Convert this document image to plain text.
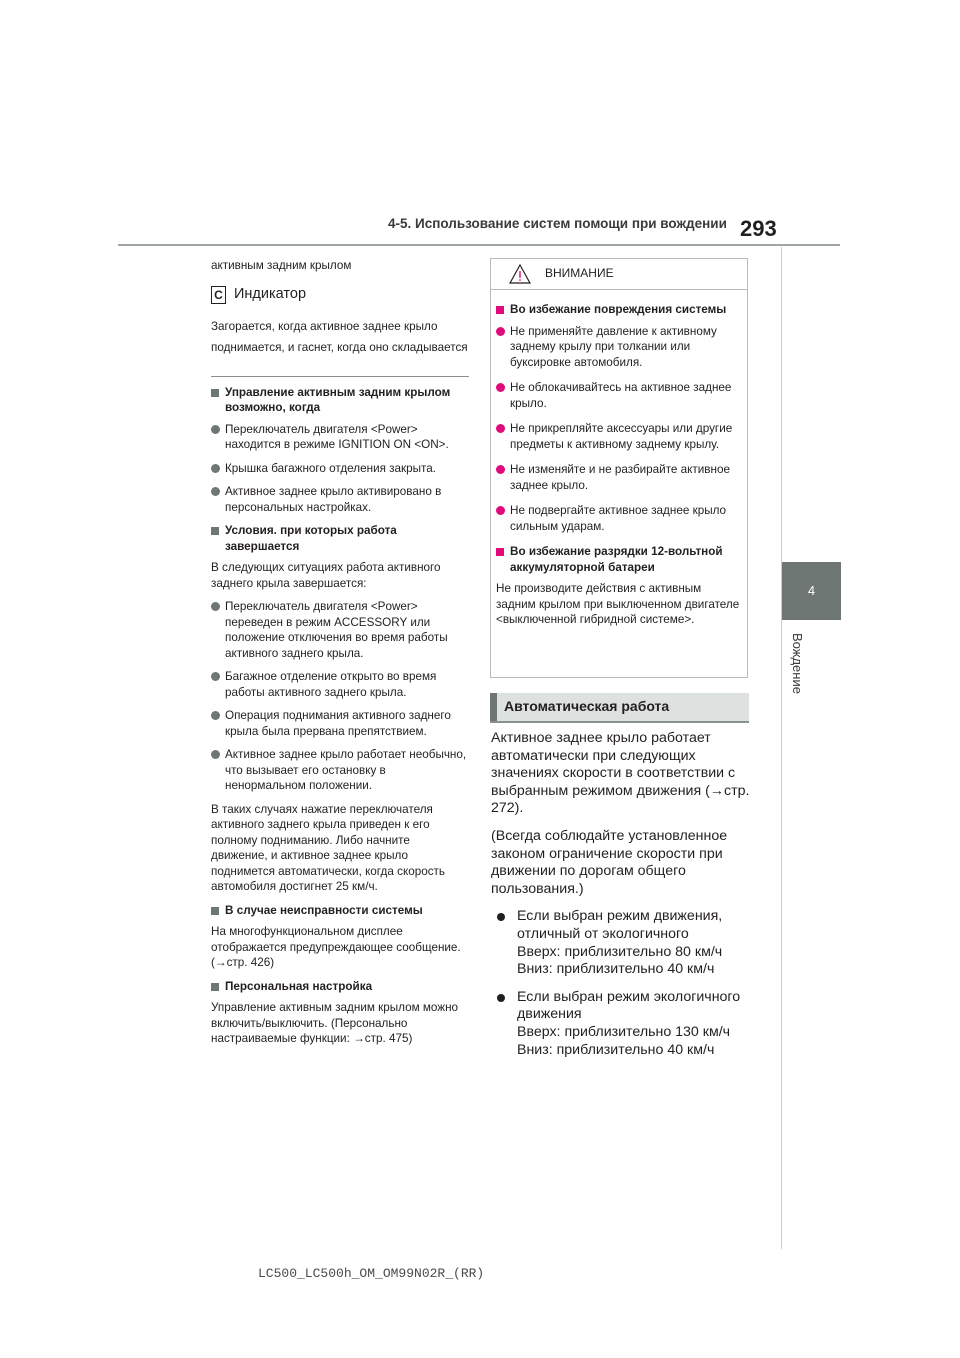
4-5. Использование систем помощи при вождении 293
4
Вождение
активным задним крылом
C Индикатор
Загорается, когда активное заднее крыло поднимается, и гаснет, когда оно складывается
Управление активным задним крылом возможно, когда
Переключатель двигателя <Power> находится в режиме IGNITION ON <ON>.
Крышка багажного отделения закрыта.
Активное заднее крыло активировано в персональных настройках.
Условия. при которых работа завершается
В следующих ситуациях работа активного заднего крыла завершается:
Переключатель двигателя <Power> переведен в режим ACCESSORY или положение отключения во время работы активного заднего крыла.
Багажное отделение открыто во время работы активного заднего крыла.
Операция поднимания активного заднего крыла была прервана препятствием.
Активное заднее крыло работает необычно, что вызывает его остановку в ненормальном положении.
В таких случаях нажатие переключателя активного заднего крыла приведен к его полному подниманию. Либо начните движение, и активное заднее крыло поднимется автоматически, когда скорость автомобиля достигнет 25 км/ч.
В случае неисправности системы
На многофункциональном дисплее отображается предупреждающее сообщение. (→стр. 426)
Персональная настройка
Управление активным задним крылом можно включить/выключить. (Персонально настраиваемые функции: →стр. 475)
ВНИМАНИЕ
Во избежание повреждения системы
Не применяйте давление к активному заднему крылу при толкании или буксировке автомобиля.
Не облокачивайтесь на активное заднее крыло.
Не прикрепляйте аксессуары или другие предметы к активному заднему крылу.
Не изменяйте и не разбирайте активное заднее крыло.
Не подвергайте активное заднее крыло сильным ударам.
Во избежание разрядки 12-вольтной аккумуляторной батареи
Не производите действия с активным задним крылом при выключенном двигателе <выключенной гибридной системе>.
Автоматическая работа
Активное заднее крыло работает автоматически при следующих значениях скорости в соответствии с выбранным режимом движения (→стр. 272).
(Всегда соблюдайте установленное законом ограничение скорости при движении по дорогам общего пользования.)
Если выбран режим движения, отличный от экологичного
Вверх: приблизительно 80 км/ч
Вниз: приблизительно 40 км/ч
Если выбран режим экологичного движения
Вверх: приблизительно 130 км/ч
Вниз: приблизительно 40 км/ч
LC500_LC500h_OM_OM99N02R_(RR)
